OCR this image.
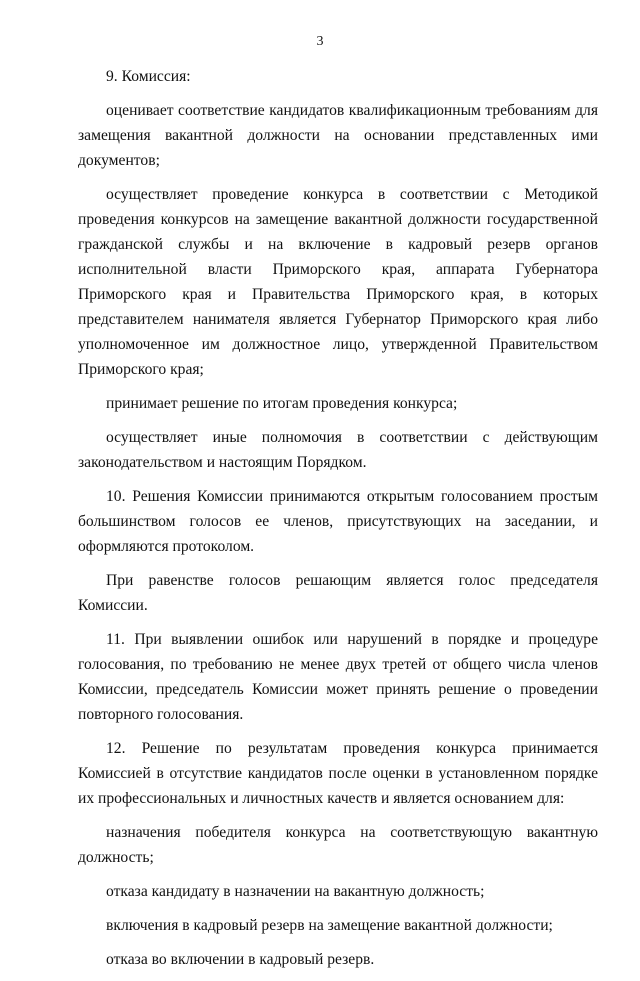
3

9. Комиссия:

оценивает соответствие кандидатов квалификационным требованиям для замещения вакантной должности на основании представленных ими документов;

осуществляет проведение конкурса в соответствии с Методикой проведения конкурсов на замещение вакантной должности государственной гражданской службы и на включение в кадровый резерв органов исполнительной власти Приморского края, аппарата Губернатора Приморского края и Правительства Приморского края, в которых представителем нанимателя является Губернатор Приморского края либо уполномоченное им должностное лицо, утвержденной Правительством Приморского края;

принимает решение по итогам проведения конкурса;

осуществляет иные полномочия в соответствии с действующим законодательством и настоящим Порядком.

10. Решения Комиссии принимаются открытым голосованием простым большинством голосов ее членов, присутствующих на заседании, и оформляются протоколом.

При равенстве голосов решающим является голос председателя Комиссии.

11. При выявлении ошибок или нарушений в порядке и процедуре голосования, по требованию не менее двух третей от общего числа членов Комиссии, председатель Комиссии может принять решение о проведении повторного голосования.

12. Решение по результатам проведения конкурса принимается Комиссией в отсутствие кандидатов после оценки в установленном порядке их профессиональных и личностных качеств и является основанием для:

назначения победителя конкурса на соответствующую вакантную должность;

отказа кандидату в назначении на вакантную должность;

включения в кадровый резерв на замещение вакантной должности;

отказа во включении в кадровый резерв.
